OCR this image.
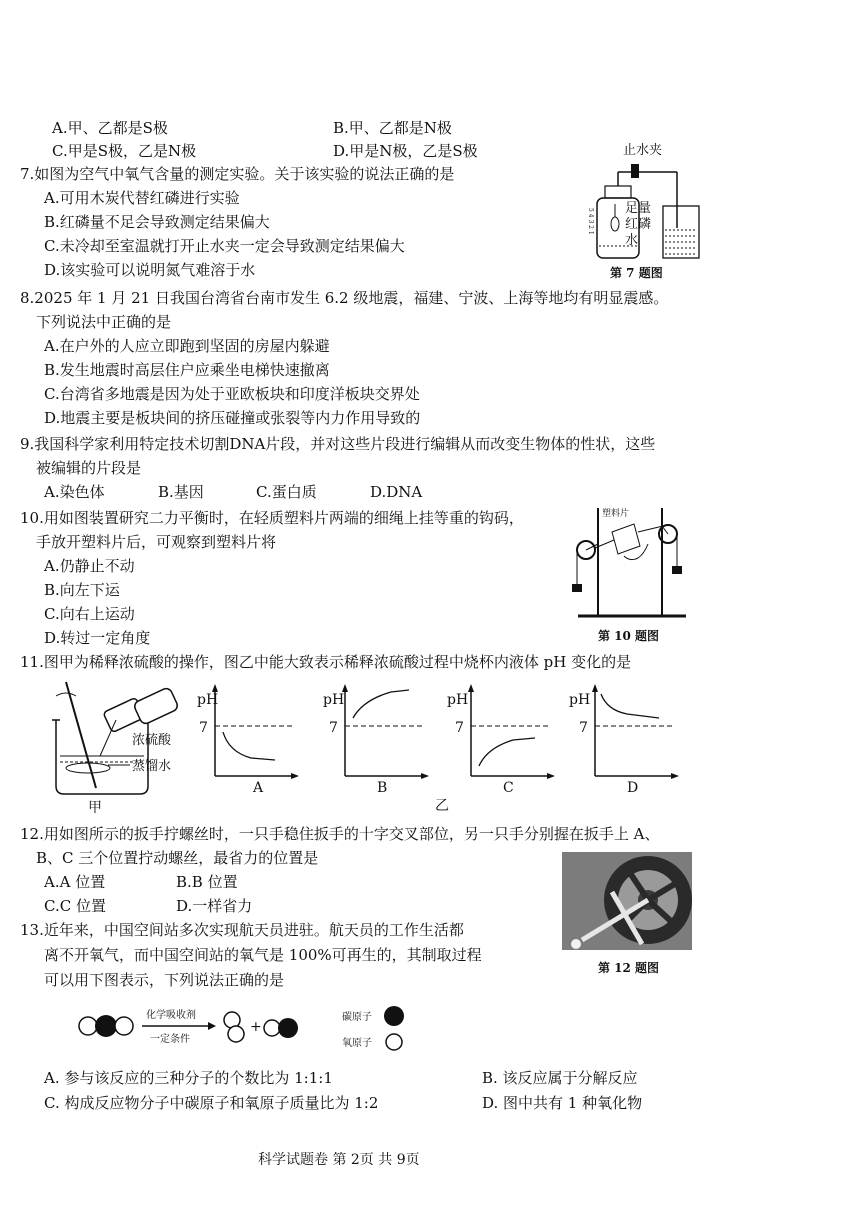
A.甲、乙都是S极	B.甲、乙都是N极
C.甲是S极，乙是N极	D.甲是N极，乙是S极
7.如图为空气中氧气含量的测定实验。关于该实验的说法正确的是
A.可用木炭代替红磷进行实验
B.红磷量不足会导致测定结果偏大
C.未冷却至室温就打开止水夹一定会导致测定结果偏大
D.该实验可以说明氮气难溶于水
5 4 3 2 1
止水夹
足量
红磷
水
第 7 题图
8.2025 年 1 月 21 日我国台湾省台南市发生 6.2 级地震，福建、宁波、上海等地均有明显震感。
下列说法中正确的是
A.在户外的人应立即跑到坚固的房屋内躲避
B.发生地震时高层住户应乘坐电梯快速撤离
C.台湾省多地震是因为处于亚欧板块和印度洋板块交界处
D.地震主要是板块间的挤压碰撞或张裂等内力作用导致的
9.我国科学家利用特定技术切割DNA片段，并对这些片段进行编辑从而改变生物体的性状，这些
被编辑的片段是
A.染色体	B.基因	C.蛋白质	D.DNA
10.用如图装置研究二力平衡时，在轻质塑料片两端的细绳上挂等重的钩码，
手放开塑料片后，可观察到塑料片将
A.仍静止不动
B.向左下运
C.向右上运动
D.转过一定角度
塑料片
第 10 题图
11.图甲为稀释浓硫酸的操作，图乙中能大致表示稀释浓硫酸过程中烧杯内液体 pH 变化的是
浓硫酸
蒸馏水
甲
pH
7
A
pH
7
B
pH
7
C
pH
7
D
乙
12.用如图所示的扳手拧螺丝时，一只手稳住扳手的十字交叉部位，另一只手分别握在扳手上 A、
B、C 三个位置拧动螺丝，最省力的位置是
A.A 位置	B.B 位置
C.C 位置	D.一样省力
第 12 题图
13.近年来，中国空间站多次实现航天员进驻。航天员的工作生活都
离不开氧气，而中国空间站的氧气是 100%可再生的，其制取过程
可以用下图表示，下列说法正确的是
化学吸收剂
一定条件
+
碳原子
氧原子
A. 参与该反应的三种分子的个数比为 1:1:1	B. 该反应属于分解反应
C. 构成反应物分子中碳原子和氧原子质量比为 1:2	D. 图中共有 1 种氧化物
科学试题卷 第 2页 共 9页
